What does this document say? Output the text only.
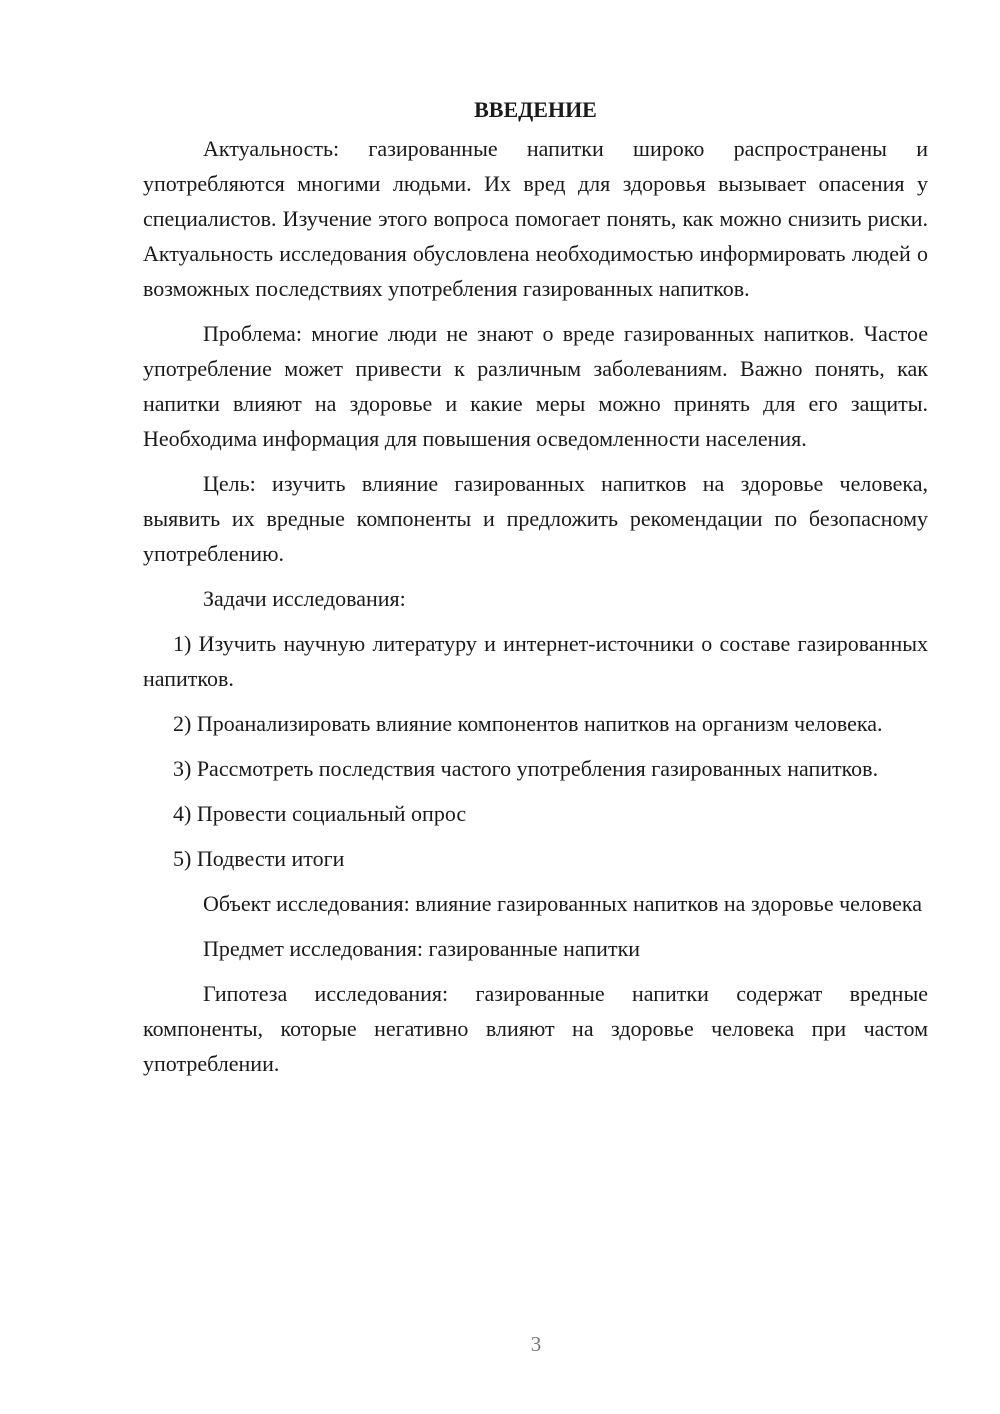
ВВЕДЕНИЕ

Актуальность: газированные напитки широко распространены и употребляются многими людьми. Их вред для здоровья вызывает опасения у специалистов. Изучение этого вопроса помогает понять, как можно снизить риски. Актуальность исследования обусловлена необходимостью информировать людей о возможных последствиях употребления газированных напитков.

Проблема: многие люди не знают о вреде газированных напитков. Частое употребление может привести к различным заболеваниям. Важно понять, как напитки влияют на здоровье и какие меры можно принять для его защиты. Необходима информация для повышения осведомленности населения.

Цель: изучить влияние газированных напитков на здоровье человека, выявить их вредные компоненты и предложить рекомендации по безопасному употреблению.

Задачи исследования:

1) Изучить научную литературу и интернет-источники о составе газированных напитков.

2) Проанализировать влияние компонентов напитков на организм человека.

3) Рассмотреть последствия частого употребления газированных напитков.

4) Провести социальный опрос

5) Подвести итоги

Объект исследования: влияние газированных напитков на здоровье человека

Предмет исследования: газированные напитки

Гипотеза исследования: газированные напитки содержат вредные компоненты, которые негативно влияют на здоровье человека при частом употреблении.

3
